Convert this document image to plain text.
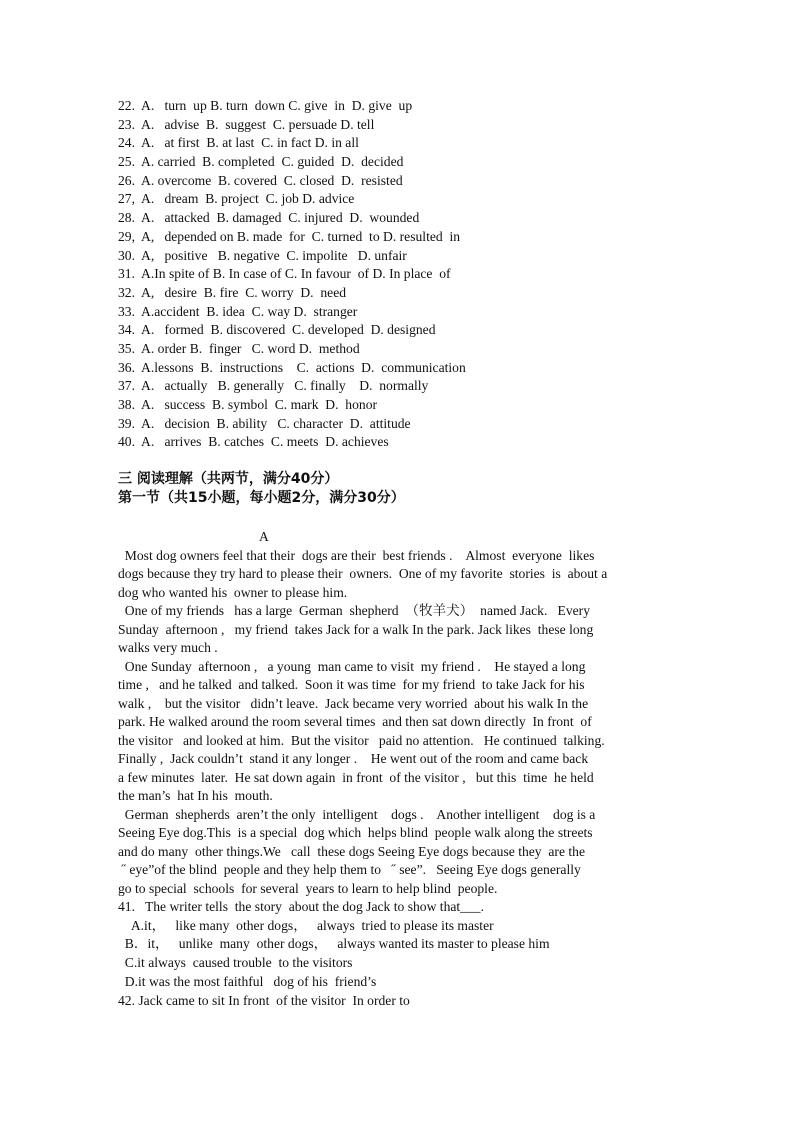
22.  A.   turn  up B. turn  down C. give  in  D. give  up
23.  A.   advise  B.  suggest  C. persuade D. tell
24.  A.   at first  B. at last  C. in fact D. in all
25.  A. carried  B. completed  C. guided  D.  decided
26.  A. overcome  B. covered  C. closed  D.  resisted
27,  A.   dream  B. project  C. job D. advice
28.  A.   attacked  B. damaged  C. injured  D.  wounded
29,  A,   depended on B. made  for  C. turned  to D. resulted  in
30.  A,   positive   B. negative  C. impolite   D. unfair
31.  A.In spite of B. In case of C. In favour  of D. In place  of
32.  A,   desire  B. fire  C. worry  D.  need
33.  A.accident  B. idea  C. way D.  stranger
34.  A.   formed  B. discovered  C. developed  D. designed
35.  A. order B.  finger   C. word D.  method
36.  A.lessons  B.  instructions    C.  actions  D.  communication
37.  A.   actually   B. generally   C. finally    D.  normally
38.  A.   success  B. symbol  C. mark  D.  honor
39.  A.   decision  B. ability   C. character  D.  attitude
40.  A.   arrives  B. catches  C. meets  D. achieves
三 阅读理解（共两节，满分40分）
第一节（共15小题，每小题2分，满分30分）
A
Most dog owners feel that their  dogs are their  best friends .    Almost  everyone  likes
dogs because they try hard to please their  owners.  One of my favorite  stories  is  about a
dog who wanted his  owner to please him.
One of my friends   has a large  German  shepherd  （牧羊犬）  named Jack.   Every
Sunday  afternoon ,   my friend  takes Jack for a walk In the park. Jack likes  these long
walks very much .
One Sunday  afternoon ,   a young  man came to visit  my friend .    He stayed a long
time ,   and he talked  and talked.  Soon it was time  for my friend  to take Jack for his
walk ,    but the visitor   didn’t leave.  Jack became very worried  about his walk In the
park. He walked around the room several times  and then sat down directly  In front  of
the visitor   and looked at him.  But the visitor   paid no attention.   He continued  talking.
Finally ,  Jack couldn’t  stand it any longer .    He went out of the room and came back
a few minutes  later.  He sat down again  in front  of the visitor ,   but this  time  he held
the man’s  hat In his  mouth.
German  shepherds  aren’t the only  intelligent    dogs .    Another intelligent    dog is a
Seeing Eye dog.This  is a special  dog which  helps blind  people walk along the streets
and do many  other things.We   call  these dogs Seeing Eye dogs because they  are the
˝ eye”of the blind  people and they help them to   ˝ see”.   Seeing Eye dogs generally
go to special  schools  for several  years to learn to help blind  people.
41.   The writer tells  the story  about the dog Jack to show that___.
A.it，   like many  other dogs，   always  tried to please its master
B．it，   unlike  many  other dogs，   always wanted its master to please him
C.it always  caused trouble  to the visitors
D.it was the most faithful   dog of his  friend’s
42. Jack came to sit In front  of the visitor  In order to
